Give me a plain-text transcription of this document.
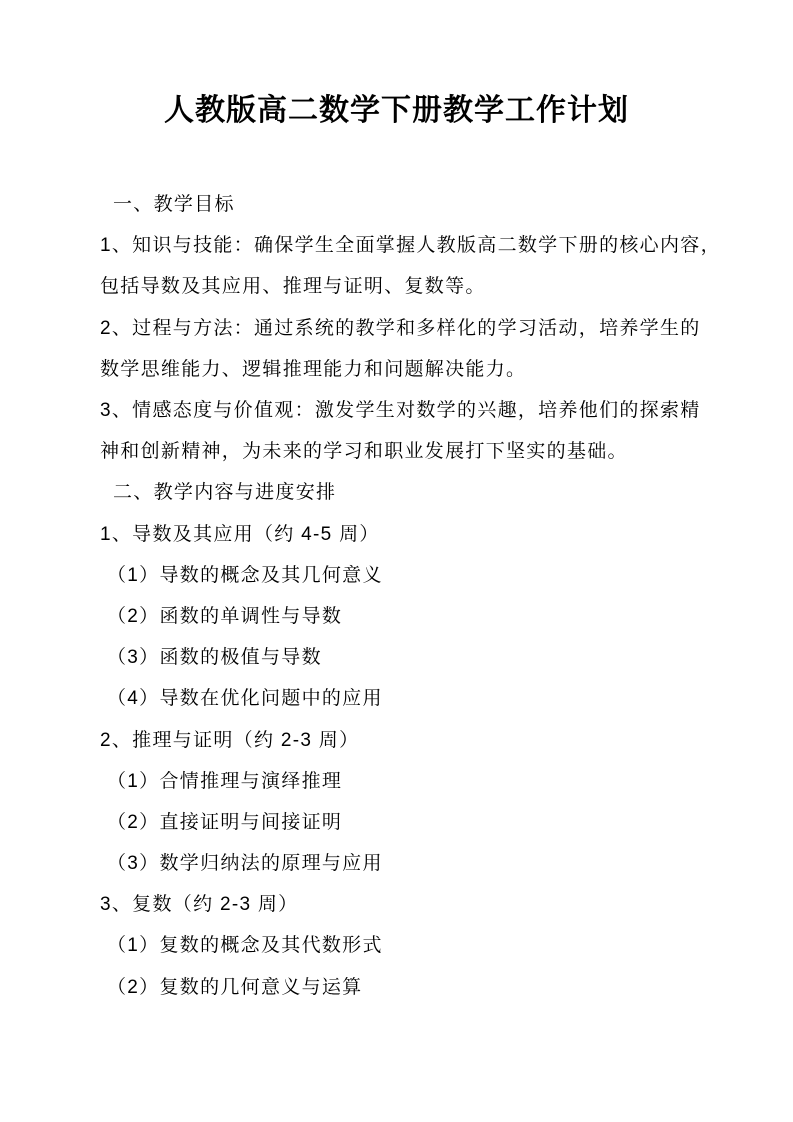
人教版高二数学下册教学工作计划
一、教学目标
1、知识与技能：确保学生全面掌握人教版高二数学下册的核心内容，
包括导数及其应用、推理与证明、复数等。
2、过程与方法：通过系统的教学和多样化的学习活动，培养学生的
数学思维能力、逻辑推理能力和问题解决能力。
3、情感态度与价值观：激发学生对数学的兴趣，培养他们的探索精
神和创新精神，为未来的学习和职业发展打下坚实的基础。
二、教学内容与进度安排
1、导数及其应用（约 4-5 周）
（1）导数的概念及其几何意义
（2）函数的单调性与导数
（3）函数的极值与导数
（4）导数在优化问题中的应用
2、推理与证明（约 2-3 周）
（1）合情推理与演绎推理
（2）直接证明与间接证明
（3）数学归纳法的原理与应用
3、复数（约 2-3 周）
（1）复数的概念及其代数形式
（2）复数的几何意义与运算
